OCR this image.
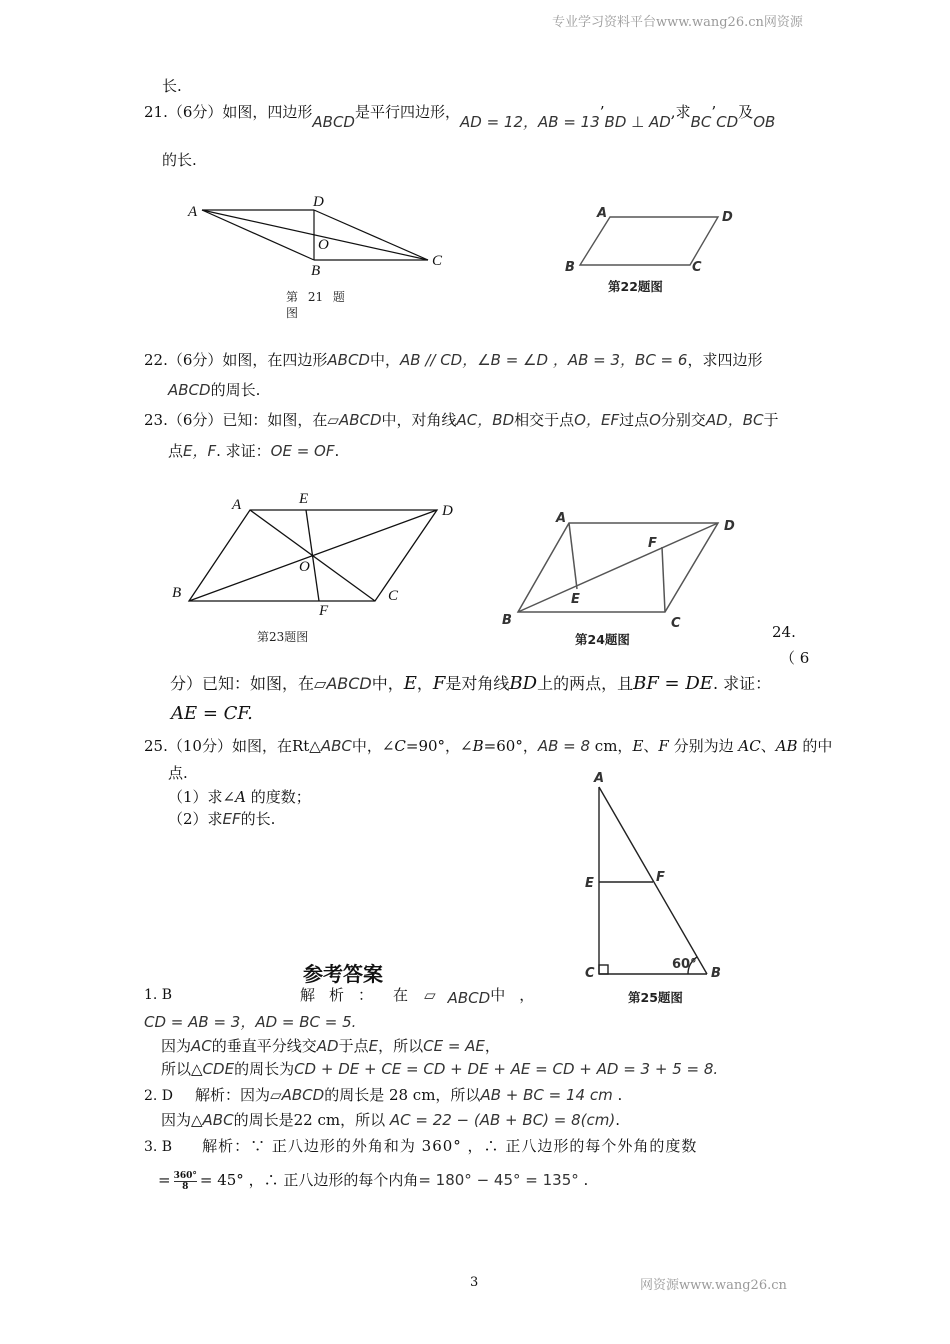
专业学习资料平台www.wang26.cn网资源
3	网资源www.wang26.cn
长.
21.（6分）如图，四边形ABCD是平行四边形，AD = 12，AB = 13’BD ⊥ AD,求BC’CD及OB
的长.
A
D
O
B
C
第 21 题
图
A	D
B	C
第22题图
22.（6分）如图，在四边形ABCD中，AB // CD，∠B = ∠D ，AB = 3，BC = 6，求四边形
ABCD的周长.
23.（6分）已知：如图，在▱ABCD中，对角线AC，BD相交于点O，EF过点O分别交AD，BC于
点E，F. 求证：OE = OF.
A	E
D
O
B
F
C
第23题图
A
D
F
E
B	C
第24题图	24.
（ 6
分）已知：如图，在▱ABCD中，E，F是对角线BD上的两点，且BF = DE. 求证：
AE = CF.
25.（10分）如图，在Rt△ABC中，∠C=90°，∠B=60°，AB = 8 cm，E、F 分别为边 AC、AB 的中
点.
（1）求∠A 的度数；
（2）求EF的长.
A
E	F
C	B
60°
第25题图
参考答案
1. B	解 析 ： 在 ▱ ABCD中 ，
CD = AB = 3，AD = BC = 5.
因为AC的垂直平分线交AD于点E，所以CE = AE，
所以△CDE的周长为CD + DE + CE = CD + DE + AE = CD + AD = 3 + 5 = 8.
2. D 解析：因为▱ABCD的周长是 28 cm，所以AB + BC = 14 cm .
因为△ABC的周长是22 cm，所以 AC = 22 − (AB + BC) = 8(cm).
3. B 解析：∵ 正八边形的外角和为 360° ，∴ 正八边形的每个外角的度数
= $\frac{360^\circ}{8} = 45^\circ$ ，∴ 正八边形的每个内角= 180° − 45° = 135° .
